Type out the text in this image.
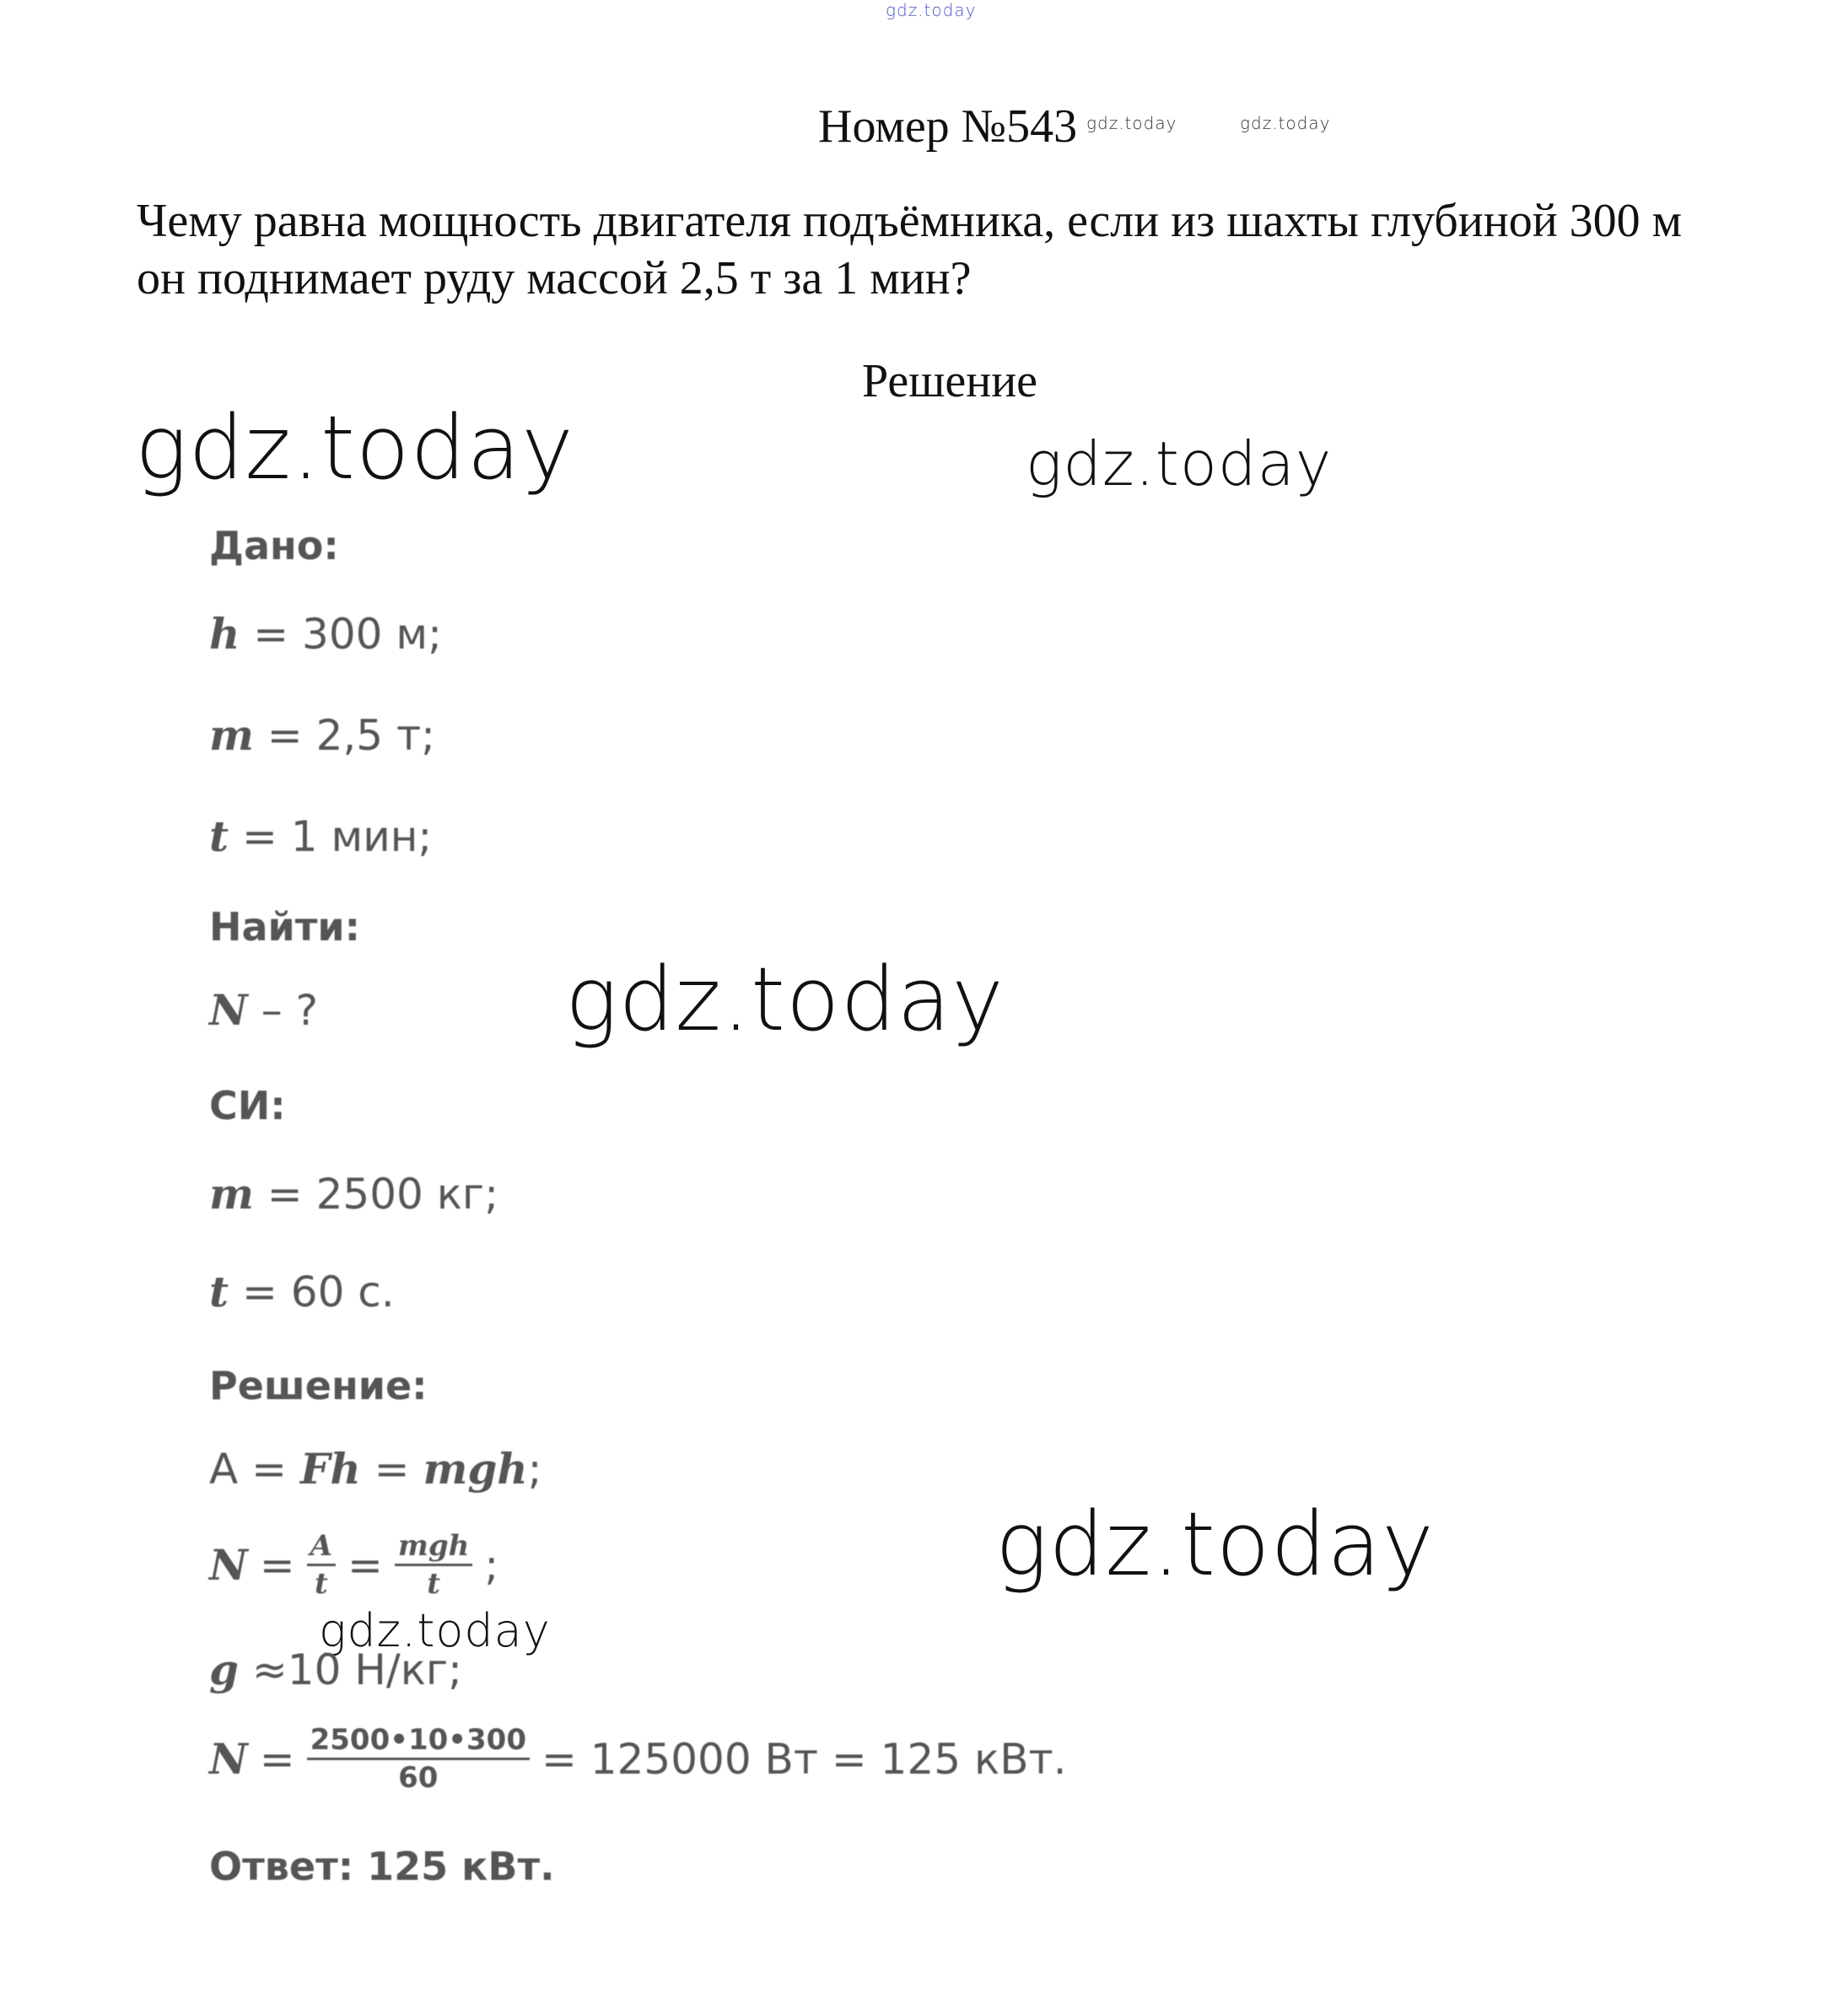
gdz.today
Номер №543 gdz.today	gdz.today
Чему равна мощность двигателя подъёмника, если из шахты глубиной 300 м он поднимает руду массой 2,5 т за 1 мин?
Решение
gdz.today	gdz.today
Дано:
h = 300 м;
m = 2,5 т;
t = 1 мин;
Найти:
N – ?	gdz.today
СИ:
m = 2500 кг;
t = 60 с.
Решение:
A = Fh = mgh;
$N = \frac{A}{t} = \frac{\text{mgh}}{t}$ ;	gdz.today
gdz.today
g ≈10 Н/кг;
$N = \frac{2500•10•300}{60} = 125000$ Вт = 125 кВт.
Ответ: 125 кВт.
